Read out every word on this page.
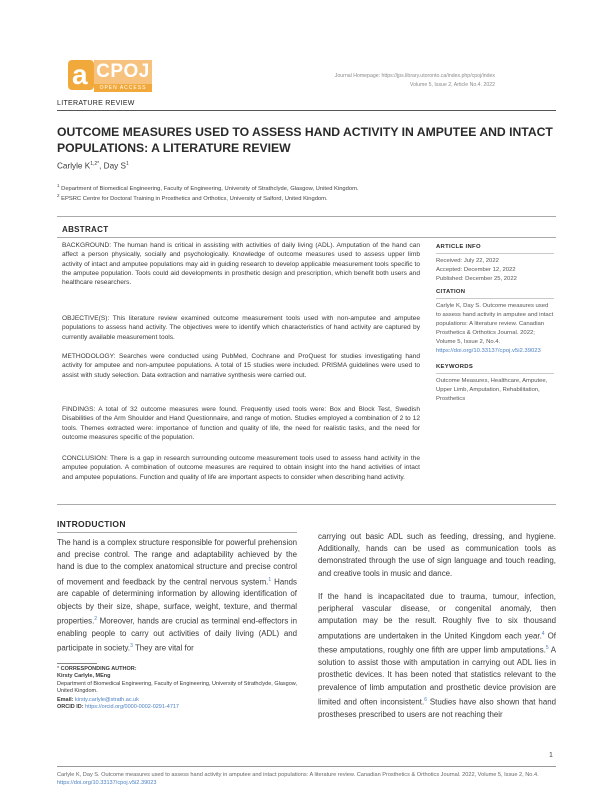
a CPOJ
OPEN ACCESS
Journal Homepage: https://jps.library.utoronto.ca/index.php/cpoj/index
Volume 5, Issue 2, Article No.4. 2022
LITERATURE REVIEW
OUTCOME MEASURES USED TO ASSESS HAND ACTIVITY IN AMPUTEE AND INTACT POPULATIONS: A LITERATURE REVIEW
Carlyle $K^{1,2*}$, Day $S^1$
$^1$ Department of Biomedical Engineering, Faculty of Engineering, University of Strathclyde, Glasgow, United Kingdom.
$^2$ EPSRC Centre for Doctoral Training in Prosthetics and Orthotics, University of Salford, United Kingdom.
ABSTRACT
BACKGROUND: The human hand is critical in assisting with activities of daily living (ADL). Amputation of the hand can affect a person physically, socially and psychologically. Knowledge of outcome measures used to assess upper limb activity of intact and amputee populations may aid in guiding research to develop applicable measurement tools specific to the amputee population. Tools could aid developments in prosthetic design and prescription, which benefit both users and healthcare researchers.
OBJECTIVE(S): This literature review examined outcome measurement tools used with non-amputee and amputee populations to assess hand activity. The objectives were to identify which characteristics of hand activity are captured by currently available measurement tools.
METHODOLOGY: Searches were conducted using PubMed, Cochrane and ProQuest for studies investigating hand activity for amputee and non-amputee populations. A total of 15 studies were included. PRISMA guidelines were used to assist with study selection. Data extraction and narrative synthesis were carried out.
FINDINGS: A total of 32 outcome measures were found. Frequently used tools were: Box and Block Test, Swedish Disabilities of the Arm Shoulder and Hand Questionnaire, and range of motion. Studies employed a combination of 2 to 12 tools. Themes extracted were: importance of function and quality of life, the need for realistic tasks, and the need for outcome measures specific of the population.
CONCLUSION: There is a gap in research surrounding outcome measurement tools used to assess hand activity in the amputee population. A combination of outcome measures are required to obtain insight into the hand activities of intact and amputee populations. Function and quality of life are important aspects to consider when describing hand activity.
ARTICLE INFO
Received: July 22, 2022
Accepted: December 12, 2022
Published: December 25, 2022
CITATION
Carlyle K, Day S. Outcome measures used to assess hand activity in amputee and intact populations: A literature review. Canadian Prosthetics & Orthotics Journal. 2022; Volume 5, Issue 2, No.4.
https://doi.org/10.33137/cpoj.v5i2.39023
KEYWORDS
Outcome Measures, Healthcare, Amputee, Upper Limb, Amputation, Rehabilitation, Prosthetics
INTRODUCTION
The hand is a complex structure responsible for powerful prehension and precise control. The range and adaptability achieved by the hand is due to the complex anatomical structure and precise control of movement and feedback by the central nervous system.$^1$ Hands are capable of determining information by allowing identification of objects by their size, shape, surface, weight, texture, and thermal properties.$^2$ Moreover, hands are crucial as terminal end-effectors in enabling people to carry out activities of daily living (ADL) and participate in society.$^3$ They are vital for
carrying out basic ADL such as feeding, dressing, and hygiene. Additionally, hands can be used as communication tools as demonstrated through the use of sign language and touch reading, and creative tools in music and dance.
If the hand is incapacitated due to trauma, tumour, infection, peripheral vascular disease, or congenital anomaly, then amputation may be the result. Roughly five to six thousand amputations are undertaken in the United Kingdom each year.$^4$ Of these amputations, roughly one fifth are upper limb amputations.$^5$ A solution to assist those with amputation in carrying out ADL lies in prosthetic devices. It has been noted that statistics relevant to the prevalence of limb amputation and prosthetic device provision are limited and often inconsistent.$^6$ Studies have also shown that hand prostheses prescribed to users are not reaching their
* CORRESPONDING AUTHOR:
Kirsty Carlyle, MEng
Department of Biomedical Engineering, Faculty of Engineering, University of Strathclyde, Glasgow, United Kingdom.
Email: kirsty.carlyle@strath.ac.uk
ORCID ID: https://orcid.org/0000-0002-0291-4717
1
Carlyle K, Day S. Outcome measures used to assess hand activity in amputee and intact populations: A literature review. Canadian Prosthetics & Orthotics Journal. 2022, Volume 5, Issue 2, No.4. https://doi.org/10.33137/cpoj.v5i2.39023
